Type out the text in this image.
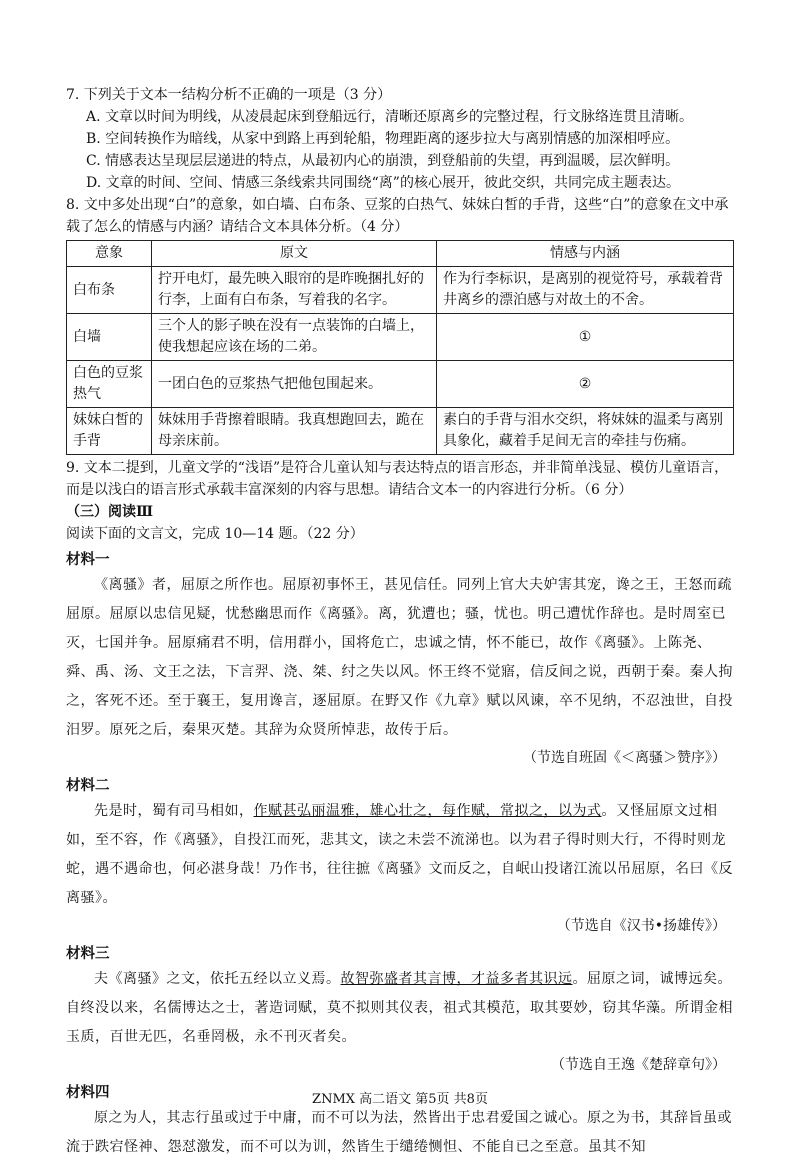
7. 下列关于文本一结构分析不正确的一项是（3 分）

A. 文章以时间为明线，从凌晨起床到登船远行，清晰还原离乡的完整过程，行文脉络连贯且清晰。

B. 空间转换作为暗线，从家中到路上再到轮船，物理距离的逐步拉大与离别情感的加深相呼应。

C. 情感表达呈现层层递进的特点，从最初内心的崩溃，到登船前的失望，再到温暖，层次鲜明。

D. 文章的时间、空间、情感三条线索共同围绕“离”的核心展开，彼此交织，共同完成主题表达。

8. 文中多处出现“白”的意象，如白墙、白布条、豆浆的白热气、妹妹白皙的手背，这些“白”的意象在文中承载了怎么的情感与内涵？请结合文本具体分析。（4 分）

意象	原文	情感与内涵
白布条	拧开电灯，最先映入眼帘的是昨晚捆扎好的行李，上面有白布条，写着我的名字。	作为行李标识，是离别的视觉符号，承载着背井离乡的漂泊感与对故土的不舍。
白墙	三个人的影子映在没有一点装饰的白墙上，使我想起应该在场的二弟。	①
白色的豆浆热气	一团白色的豆浆热气把他包围起来。	②
妹妹白皙的手背	妹妹用手背擦着眼睛。我真想跑回去，跪在母亲床前。	素白的手背与泪水交织，将妹妹的温柔与离别具象化，藏着手足间无言的牵挂与伤痛。

9. 文本二提到，儿童文学的“浅语”是符合儿童认知与表达特点的语言形态，并非简单浅显、模仿儿童语言，而是以浅白的语言形式承载丰富深刻的内容与思想。请结合文本一的内容进行分析。（6 分）

（三）阅读Ⅲ

阅读下面的文言文，完成 10—14 题。（22 分）

材料一

《离骚》者，屈原之所作也。屈原初事怀王，甚见信任。同列上官大夫妒害其宠，谗之王，王怒而疏屈原。屈原以忠信见疑，忧愁幽思而作《离骚》。离，犹遭也；骚，忧也。明己遭忧作辞也。是时周室已灭，七国并争。屈原痛君不明，信用群小，国将危亡，忠诚之情，怀不能已，故作《离骚》。上陈尧、舜、禹、汤、文王之法，下言羿、浇、桀、纣之失以风。怀王终不觉寤，信反间之说，西朝于秦。秦人拘之，客死不还。至于襄王，复用谗言，逐屈原。在野又作《九章》赋以风谏，卒不见纳，不忍浊世，自投汨罗。原死之后，秦果灭楚。其辞为众贤所悼悲，故传于后。

（节选自班固《＜离骚＞赞序》）

材料二

先是时，蜀有司马相如，作赋甚弘丽温雅，雄心壮之，每作赋，常拟之，以为式。又怪屈原文过相如，至不容，作《离骚》，自投江而死，悲其文，读之未尝不流涕也。以为君子得时则大行，不得时则龙蛇，遇不遇命也，何必湛身哉！乃作书，往往摭《离骚》文而反之，自岷山投诸江流以吊屈原，名曰《反离骚》。

（节选自《汉书•扬雄传》）

材料三

夫《离骚》之文，依托五经以立义焉。故智弥盛者其言博，才益多者其识远。屈原之词，诚博远矣。自终没以来，名儒博达之士，著造词赋，莫不拟则其仪表，祖式其模范，取其要妙，窃其华藻。所谓金相玉质，百世无匹，名垂罔极，永不刊灭者矣。

（节选自王逸《楚辞章句》）

材料四

原之为人，其志行虽或过于中庸，而不可以为法，然皆出于忠君爱国之诚心。原之为书，其辞旨虽或流于跌宕怪神、怨怼激发，而不可以为训，然皆生于缱绻恻怛、不能自已之至意。虽其不知

ZNMX 高二语文 第5页 共8页
